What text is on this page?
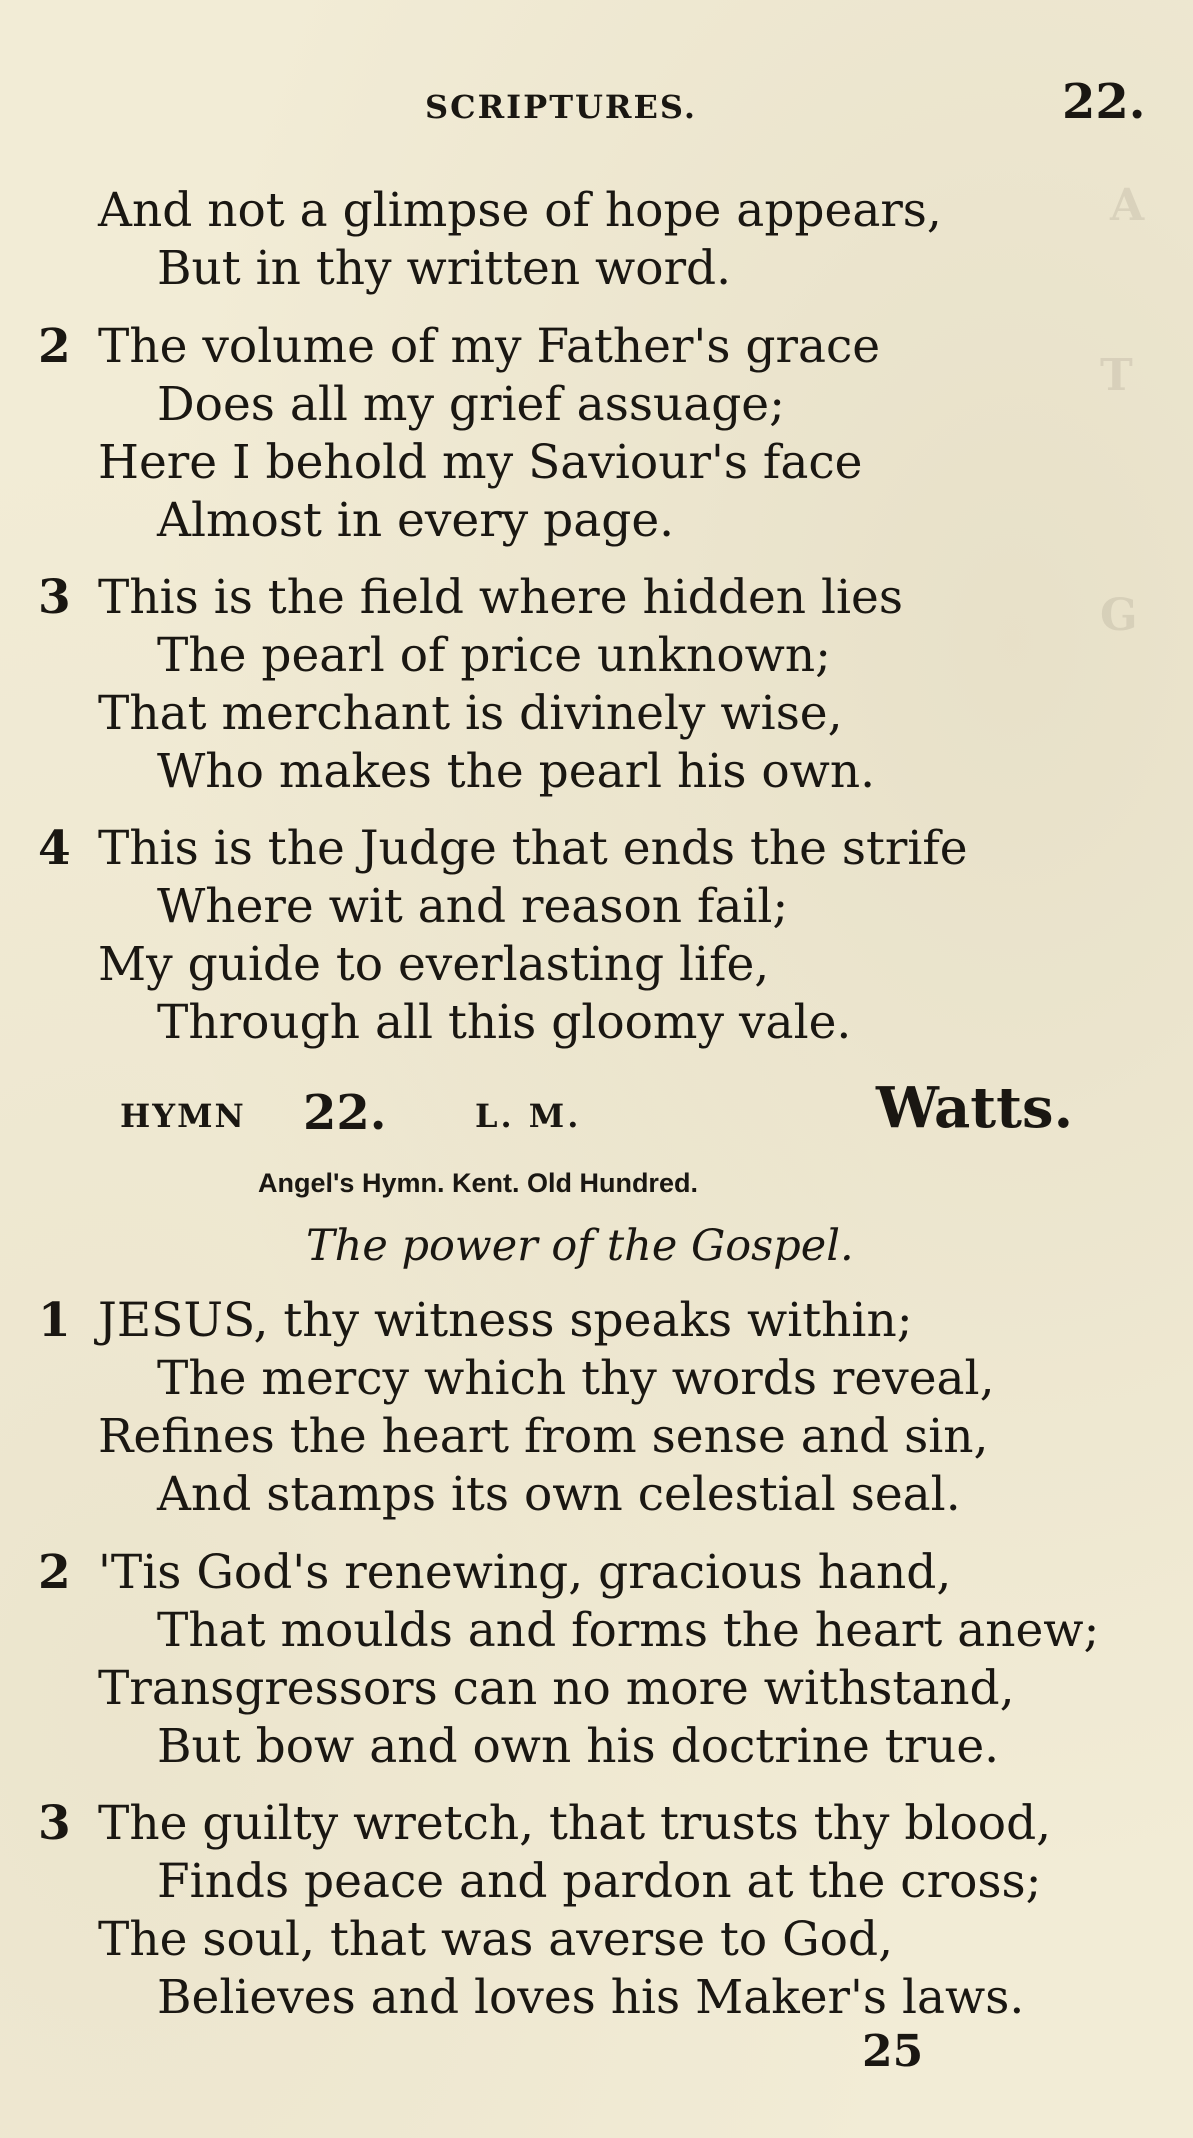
A
T
G
SCRIPTURES.	22.
And not a glimpse of hope appears,
But in thy written word.
2 The volume of my Father's grace
Does all my grief assuage;
Here I behold my Saviour's face
Almost in every page.
3 This is the field where hidden lies
The pearl of price unknown;
That merchant is divinely wise,
Who makes the pearl his own.
4 This is the Judge that ends the strife
Where wit and reason fail;
My guide to everlasting life,
Through all this gloomy vale.
HYMN 22.	L. M.	Watts.
Angel's Hymn. Kent. Old Hundred.
The power of the Gospel.
1 JESUS, thy witness speaks within;
The mercy which thy words reveal,
Refines the heart from sense and sin,
And stamps its own celestial seal.
2 'Tis God's renewing, gracious hand,
That moulds and forms the heart anew;
Transgressors can no more withstand,
But bow and own his doctrine true.
3 The guilty wretch, that trusts thy blood,
Finds peace and pardon at the cross;
The soul, that was averse to God,
Believes and loves his Maker's laws.
25
